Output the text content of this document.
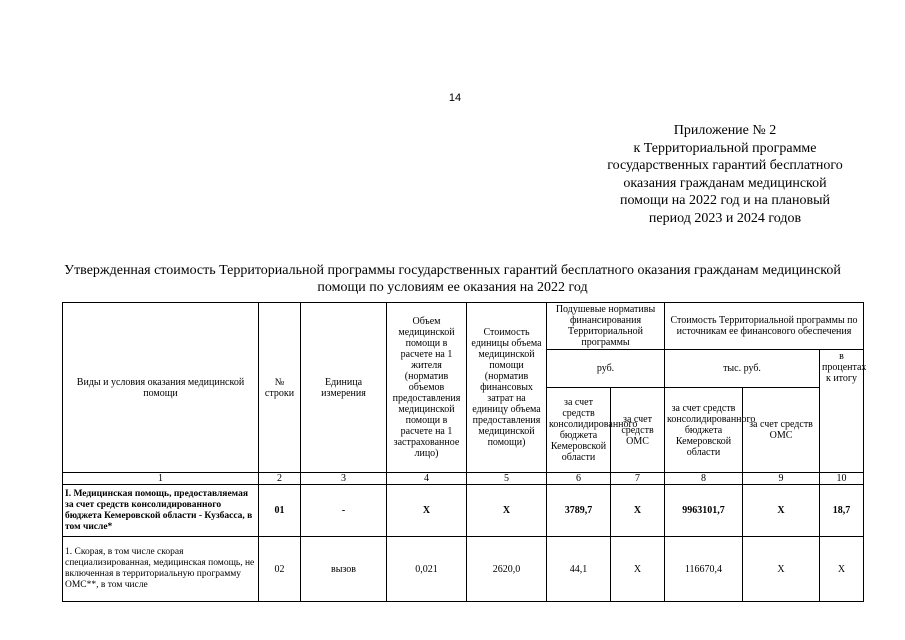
14
Приложение № 2
к Территориальной программе
государственных гарантий бесплатного
оказания гражданам медицинской
помощи на 2022 год и на плановый
период 2023 и 2024 годов
Утвержденная стоимость Территориальной программы государственных гарантий бесплатного оказания гражданам медицинской помощи по условиям ее оказания на 2022 год
Виды и условия оказания медицинской помощи	№ строки	Единица измерения	Объем медицинской помощи в расчете на 1 жителя (норматив объемов предоставления медицинской помощи в расчете на 1 застрахованное лицо)	Стоимость единицы объема медицинской помощи (норматив финансовых затрат на единицу объема предоставления медицинской помощи)	Подушевые нормативы финансирования Территориальной программы		Стоимость Территориальной программы по источникам ее финансового обеспечения		
					руб.		тыс. руб.		в процентах к итогу
					за счет средств консолидированного бюджета Кемеровской области	за счет средств ОМС	за счет средств консолидированного бюджета Кемеровской области	за счет средств ОМС	
1	2	3	4	5	6	7	8	9	10
I. Медицинская помощь, предоставляемая за счет средств консолидированного бюджета Кемеровской области - Кузбасса, в том числе*	01	-	X	X	3789,7	X	9963101,7	X	18,7
1. Скорая, в том числе скорая специализированная, медицинская помощь, не включенная в территориальную программу ОМС**, в том числе	02	вызов	0,021	2620,0	44,1	X	116670,4	X	X
